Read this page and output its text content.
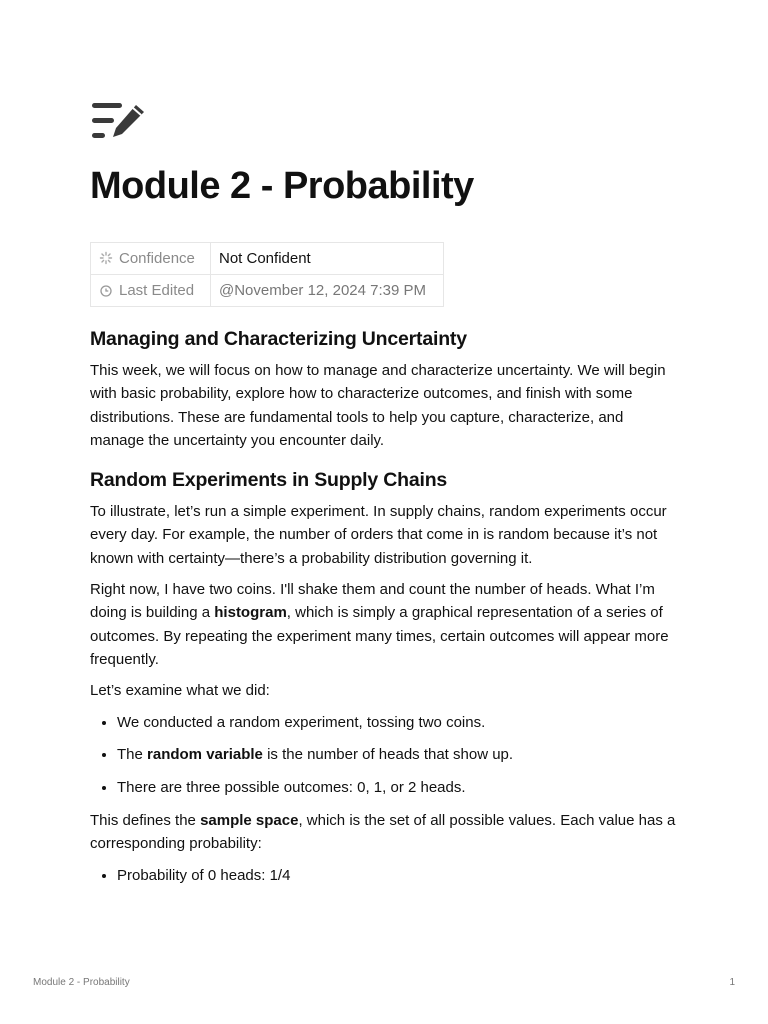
Module 2 - Probability
Confidence	Not Confident
Last Edited	@November 12, 2024 7:39 PM
Managing and Characterizing Uncertainty

This week, we will focus on how to manage and characterize uncertainty. We will begin with basic probability, explore how to characterize outcomes, and finish with some distributions. These are fundamental tools to help you capture, characterize, and manage the uncertainty you encounter daily.

Random Experiments in Supply Chains

To illustrate, let’s run a simple experiment. In supply chains, random experiments occur every day. For example, the number of orders that come in is random because it’s not known with certainty—there’s a probability distribution governing it.

Right now, I have two coins. I'll shake them and count the number of heads. What I’m doing is building a histogram, which is simply a graphical representation of a series of outcomes. By repeating the experiment many times, certain outcomes will appear more frequently.

Let’s examine what we did:

• We conducted a random experiment, tossing two coins.
• The random variable is the number of heads that show up.
• There are three possible outcomes: 0, 1, or 2 heads.

This defines the sample space, which is the set of all possible values. Each value has a corresponding probability:

• Probability of 0 heads: 1/4
Module 2 - Probability	1
